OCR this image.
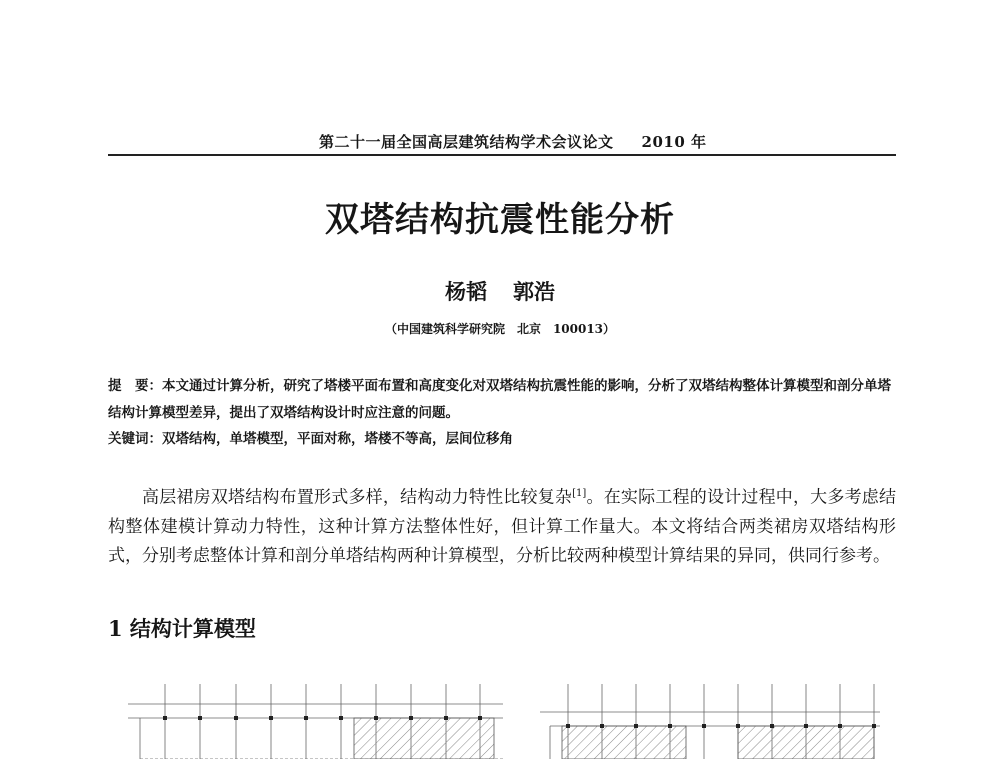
第二十一届全国高层建筑结构学术会议论文 2010 年
双塔结构抗震性能分析
杨韬 郭浩
（中国建筑科学研究院　北京　100013）
提　要：本文通过计算分析，研究了塔楼平面布置和高度变化对双塔结构抗震性能的影响，分析了双塔结构整体计算模型和剖分单塔结构计算模型差异，提出了双塔结构设计时应注意的问题。
关键词：双塔结构，单塔模型，平面对称，塔楼不等高，层间位移角
高层裙房双塔结构布置形式多样，结构动力特性比较复杂[1]。在实际工程的设计过程中，大多考虑结构整体建模计算动力特性，这种计算方法整体性好，但计算工作量大。本文将结合两类裙房双塔结构形式，分别考虑整体计算和剖分单塔结构两种计算模型，分析比较两种模型计算结果的异同，供同行参考。
1 结构计算模型
